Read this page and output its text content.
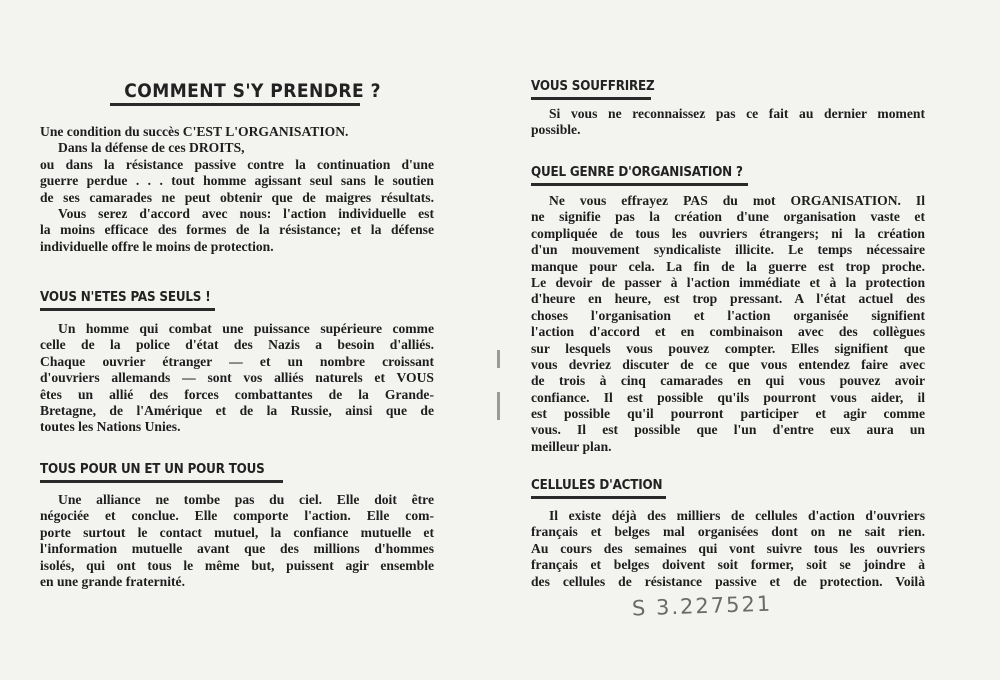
COMMENT S'Y PRENDRE ?
Une condition du succès C'EST L'ORGANISATION.
Dans la défense de ces DROITS,
ou dans la résistance passive contre la continuation d'une
guerre perdue . . . tout homme agissant seul sans le soutien
de ses camarades ne peut obtenir que de maigres résultats.
Vous serez d'accord avec nous: l'action individuelle est
la moins efficace des formes de la résistance; et la défense
individuelle offre le moins de protection.
VOUS N'ETES PAS SEULS !
Un homme qui combat une puissance supérieure comme
celle de la police d'état des Nazis a besoin d'alliés.
Chaque ouvrier étranger — et un nombre croissant
d'ouvriers allemands — sont vos alliés naturels et VOUS
êtes un allié des forces combattantes de la Grande-
Bretagne, de l'Amérique et de la Russie, ainsi que de
toutes les Nations Unies.
TOUS POUR UN ET UN POUR TOUS
Une alliance ne tombe pas du ciel. Elle doit être
négociée et conclue. Elle comporte l'action. Elle com-
porte surtout le contact mutuel, la confiance mutuelle et
l'information mutuelle avant que des millions d'hommes
isolés, qui ont tous le même but, puissent agir ensemble
en une grande fraternité.
VOUS SOUFFRIREZ
Si vous ne reconnaissez pas ce fait au dernier moment
possible.
QUEL GENRE D'ORGANISATION ?
Ne vous effrayez PAS du mot ORGANISATION. Il
ne signifie pas la création d'une organisation vaste et
compliquée de tous les ouvriers étrangers; ni la création
d'un mouvement syndicaliste illicite. Le temps nécessaire
manque pour cela. La fin de la guerre est trop proche.
Le devoir de passer à l'action immédiate et à la protection
d'heure en heure, est trop pressant. A l'état actuel des
choses l'organisation et l'action organisée signifient
l'action d'accord et en combinaison avec des collègues
sur lesquels vous pouvez compter. Elles signifient que
vous devriez discuter de ce que vous entendez faire avec
de trois à cinq camarades en qui vous pouvez avoir
confiance. Il est possible qu'ils pourront vous aider, il
est possible qu'il pourront participer et agir comme
vous. Il est possible que l'un d'entre eux aura un
meilleur plan.
CELLULES D'ACTION
Il existe déjà des milliers de cellules d'action d'ouvriers
français et belges mal organisées dont on ne sait rien.
Au cours des semaines qui vont suivre tous les ouvriers
français et belges doivent soit former, soit se joindre à
des cellules de résistance passive et de protection. Voilà
S 3.227521
